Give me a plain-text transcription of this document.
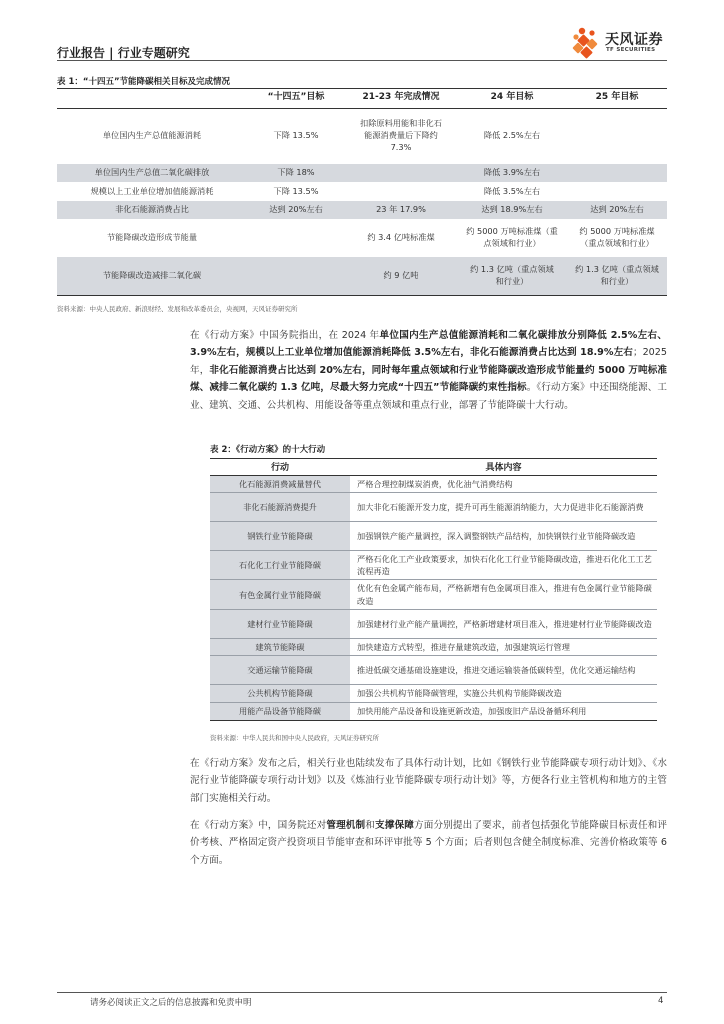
行业报告 | 行业专题研究
天风证券
TF SECURITIES
表 1：“十四五”节能降碳相关目标及完成情况
	“十四五”目标	21-23 年完成情况	24 年目标	25 年目标
单位国内生产总值能源消耗	下降 13.5%	扣除原料用能和非化石能源消费量后下降约 7.3%	降低 2.5%左右	
单位国内生产总值二氧化碳排放	下降 18%		降低 3.9%左右	
规模以上工业单位增加值能源消耗	下降 13.5%		降低 3.5%左右	
非化石能源消费占比	达到 20%左右	23 年 17.9%	达到 18.9%左右	达到 20%左右
节能降碳改造形成节能量		约 3.4 亿吨标准煤	约 5000 万吨标准煤（重点领域和行业）	约 5000 万吨标准煤（重点领域和行业）
节能降碳改造减排二氧化碳		约 9 亿吨	约 1.3 亿吨（重点领域和行业）	约 1.3 亿吨（重点领域和行业）
资料来源：中央人民政府、新浪财经、发展和改革委员会，央视网，天风证券研究所
在《行动方案》中国务院指出，在 2024 年单位国内生产总值能源消耗和二氧化碳排放分别降低 2.5%左右、3.9%左右，规模以上工业单位增加值能源消耗降低 3.5%左右，非化石能源消费占比达到 18.9%左右；2025 年，非化石能源消费占比达到 20%左右，同时每年重点领域和行业节能降碳改造形成节能量约 5000 万吨标准煤、减排二氧化碳约 1.3 亿吨，尽最大努力完成“十四五”节能降碳约束性指标。《行动方案》中还围绕能源、工业、建筑、交通、公共机构、用能设备等重点领域和重点行业，部署了节能降碳十大行动。
表 2：《行动方案》的十大行动
行动	具体内容
化石能源消费减量替代	严格合理控制煤炭消费，优化油气消费结构
非化石能源消费提升	加大非化石能源开发力度，提升可再生能源消纳能力，大力促进非化石能源消费
钢铁行业节能降碳	加强钢铁产能产量调控，深入调整钢铁产品结构，加快钢铁行业节能降碳改造
石化化工行业节能降碳	严格石化化工产业政策要求，加快石化化工行业节能降碳改造，推进石化化工工艺流程再造
有色金属行业节能降碳	优化有色金属产能布局，严格新增有色金属项目准入，推进有色金属行业节能降碳改造
建材行业节能降碳	加强建材行业产能产量调控，严格新增建材项目准入，推进建材行业节能降碳改造
建筑节能降碳	加快建造方式转型，推进存量建筑改造，加强建筑运行管理
交通运输节能降碳	推进低碳交通基础设施建设，推进交通运输装备低碳转型，优化交通运输结构
公共机构节能降碳	加强公共机构节能降碳管理，实施公共机构节能降碳改造
用能产品设备节能降碳	加快用能产品设备和设施更新改造，加强废旧产品设备循环利用
资料来源：中华人民共和国中央人民政府，天风证券研究所
在《行动方案》发布之后，相关行业也陆续发布了具体行动计划，比如《钢铁行业节能降碳专项行动计划》、《水泥行业节能降碳专项行动计划》以及《炼油行业节能降碳专项行动计划》等，方便各行业主管机构和地方的主管部门实施相关行动。
在《行动方案》中，国务院还对管理机制和支撑保障方面分别提出了要求，前者包括强化节能降碳目标责任和评价考核、严格固定资产投资项目节能审查和环评审批等 5 个方面；后者则包含健全制度标准、完善价格政策等 6 个方面。
请务必阅读正文之后的信息披露和免责申明	4
